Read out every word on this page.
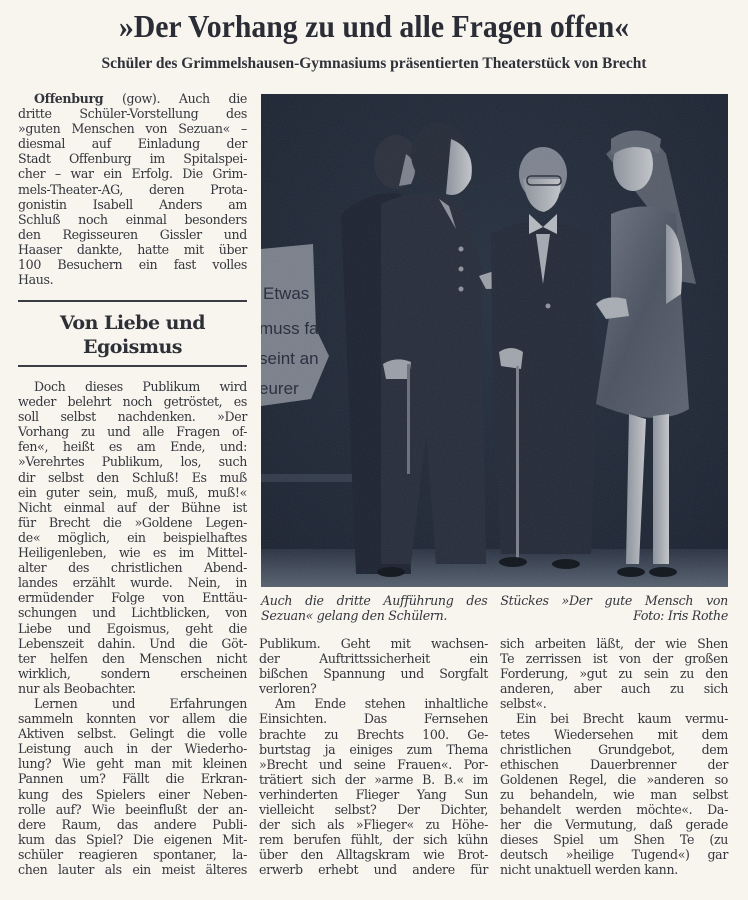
»Der Vorhang zu und alle Fragen offen«
Schüler des Grimmelshausen-Gymnasiums präsentierten Theaterstück von Brecht
Offenburg (gow). Auch die
dritte Schüler-Vorstellung des
»guten Menschen von Sezuan« –
diesmal auf Einladung der
Stadt Offenburg im Spitalspei-
cher – war ein Erfolg. Die Grim-
mels-Theater-AG, deren Prota-
gonistin Isabell Anders am
Schluß noch einmal besonders
den Regisseuren Gissler und
Haaser dankte, hatte mit über
100 Besuchern ein fast volles
Haus.
Von Liebe und
Egoismus
Doch dieses Publikum wird
weder belehrt noch getröstet, es
soll selbst nachdenken. »Der
Vorhang zu und alle Fragen of-
fen«, heißt es am Ende, und:
»Verehrtes Publikum, los, such
dir selbst den Schluß! Es muß
ein guter sein, muß, muß, muß!«
Nicht einmal auf der Bühne ist
für Brecht die »Goldene Legen-
de« möglich, ein beispielhaftes
Heiligenleben, wie es im Mittel-
alter des christlichen Abend-
landes erzählt wurde. Nein, in
ermüdender Folge von Enttäu-
schungen und Lichtblicken, von
Liebe und Egoismus, geht die
Lebenszeit dahin. Und die Göt-
ter helfen den Menschen nicht
wirklich, sondern erscheinen
nur als Beobachter.
Lernen und Erfahrungen
sammeln konnten vor allem die
Aktiven selbst. Gelingt die volle
Leistung auch in der Wiederho-
lung? Wie geht man mit kleinen
Pannen um? Fällt die Erkran-
kung des Spielers einer Neben-
rolle auf? Wie beeinflußt der an-
dere Raum, das andere Publi-
kum das Spiel? Die eigenen Mit-
schüler reagieren spontaner, la-
chen lauter als ein meist älteres
Auch die dritte Aufführung des Stückes »Der gute Mensch von
Sezuan« gelang den Schülern.	Foto: Iris Rothe
Publikum. Geht mit wachsen-
der Auftrittssicherheit ein
bißchen Spannung und Sorgfalt
verloren?
Am Ende stehen inhaltliche
Einsichten. Das Fernsehen
brachte zu Brechts 100. Ge-
burtstag ja einiges zum Thema
»Brecht und seine Frauen«. Por-
trätiert sich der »arme B. B.« im
verhinderten Flieger Yang Sun
vielleicht selbst? Der Dichter,
der sich als »Flieger« zu Höhe-
rem berufen fühlt, der sich kühn
über den Alltagskram wie Brot-
erwerb erhebt und andere für
sich arbeiten läßt, der wie Shen
Te zerrissen ist von der großen
Forderung, »gut zu sein zu den
anderen, aber auch zu sich
selbst«.
Ein bei Brecht kaum vermu-
tetes Wiedersehen mit dem
christlichen Grundgebot, dem
ethischen Dauerbrenner der
Goldenen Regel, die »anderen so
zu behandeln, wie man selbst
behandelt werden möchte«. Da-
her die Vermutung, daß gerade
dieses Spiel um Shen Te (zu
deutsch »heilige Tugend«) gar
nicht unaktuell werden kann.
